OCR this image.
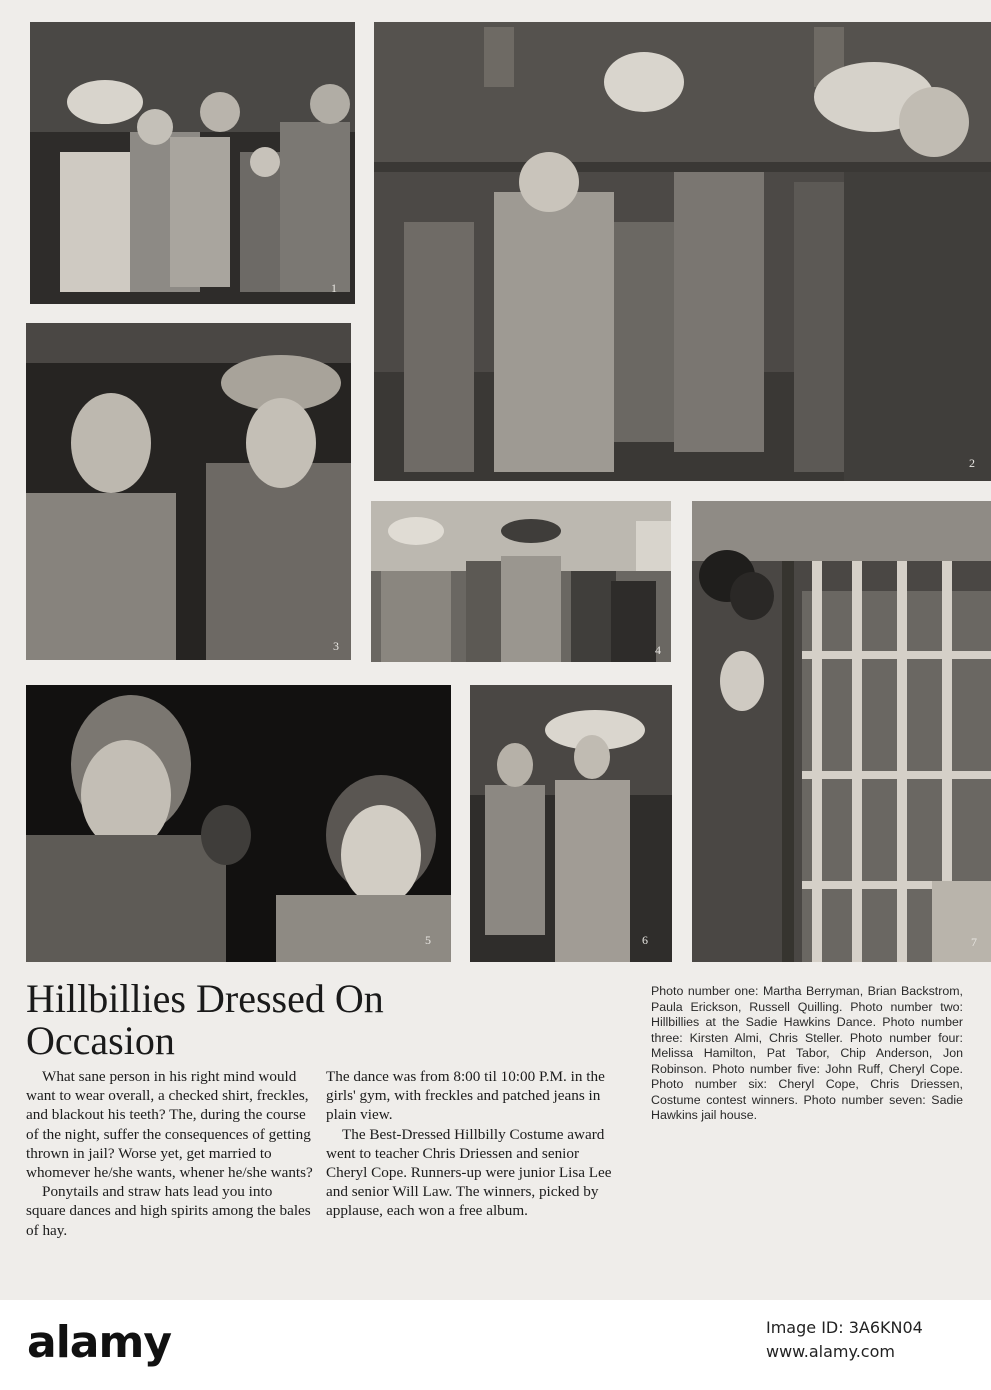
1
2
3	4
5	6	7
Hillbillies Dressed On Occasion

What sane person in his right mind would want to wear overall, a checked shirt, freckles, and blackout his teeth? The, during the course of the night, suffer the consequences of getting thrown in jail? Worse yet, get married to whomever he/she wants, whener he/she wants?

Ponytails and straw hats lead you into square dances and high spirits among the bales of hay.

The dance was from 8:00 til 10:00 P.M. in the girls' gym, with freckles and patched jeans in plain view.

The Best-Dressed Hillbilly Costume award went to teacher Chris Driessen and senior Cheryl Cope. Runners-up were junior Lisa Lee and senior Will Law. The winners, picked by applause, each won a free album.

Photo number one: Martha Berryman, Brian Backstrom, Paula Erickson, Russell Quilling. Photo number two: Hillbillies at the Sadie Hawkins Dance. Photo number three: Kirsten Almi, Chris Steller. Photo number four: Melissa Hamilton, Pat Tabor, Chip Anderson, Jon Robinson. Photo number five: John Ruff, Cheryl Cope. Photo number six: Cheryl Cope, Chris Driessen, Costume contest winners. Photo number seven: Sadie Hawkins jail house.
alamy	Image ID: 3A6KN04
www.alamy.com
